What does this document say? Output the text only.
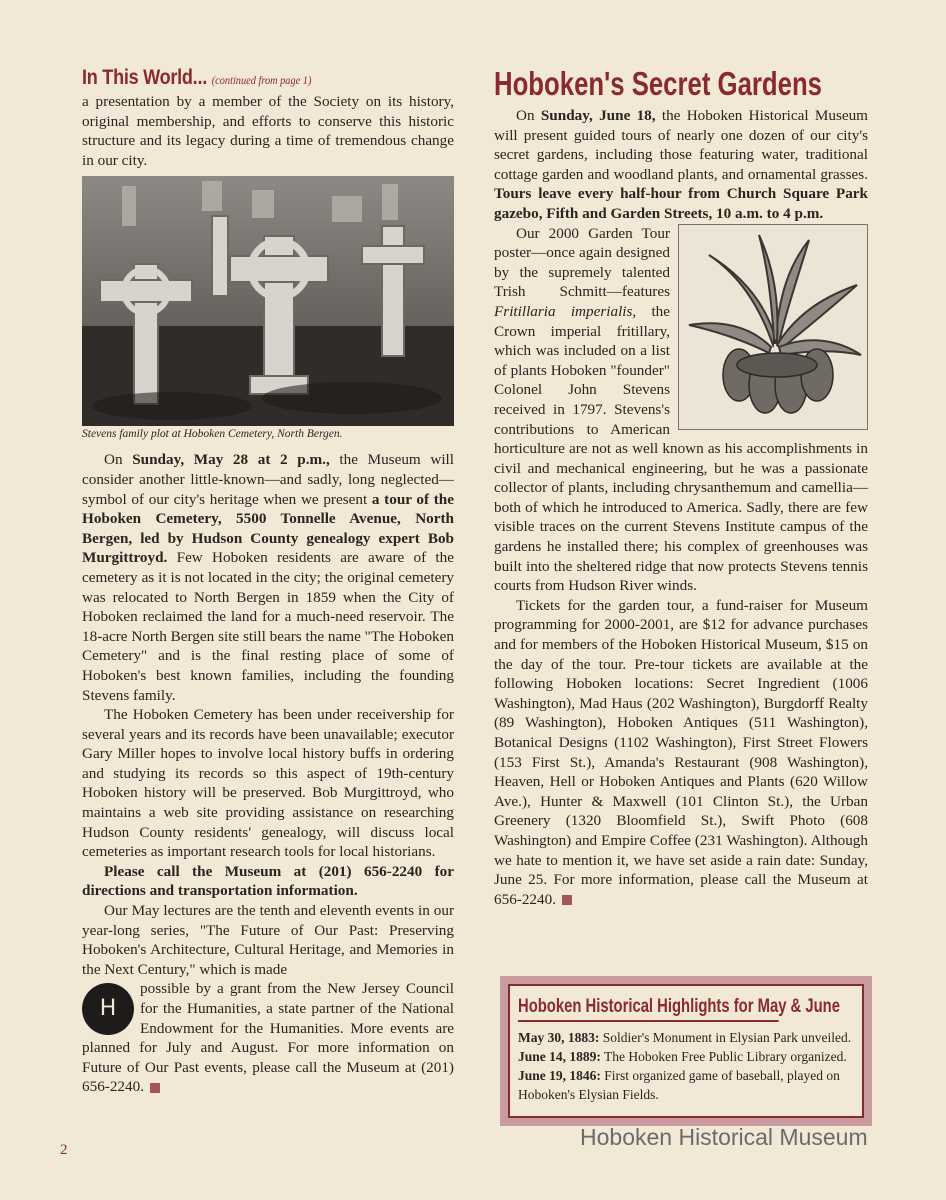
In This World... (continued from page 1)

a presentation by a member of the Society on its history, original membership, and efforts to conserve this historic structure and its legacy during a time of tremendous change in our city.

Stevens family plot at Hoboken Cemetery, North Bergen.

On Sunday, May 28 at 2 p.m., the Museum will consider another little-known—and sadly, long neglected—symbol of our city's heritage when we present a tour of the Hoboken Cemetery, 5500 Tonnelle Avenue, North Bergen, led by Hudson County genealogy expert Bob Murgittroyd. Few Hoboken residents are aware of the cemetery as it is not located in the city; the original cemetery was relocated to North Bergen in 1859 when the City of Hoboken reclaimed the land for a much-need reservoir. The 18-acre North Bergen site still bears the name "The Hoboken Cemetery" and is the final resting place of some of Hoboken's best known families, including the founding Stevens family.

The Hoboken Cemetery has been under receivership for several years and its records have been unavailable; executor Gary Miller hopes to involve local history buffs in ordering and studying its records so this aspect of 19th-century Hoboken history will be preserved. Bob Murgittroyd, who maintains a web site providing assistance on researching Hudson County residents' genealogy, will discuss local cemeteries as important research tools for local historians.

Please call the Museum at (201) 656-2240 for directions and transportation information.

Our May lectures are the tenth and eleventh events in our year-long series, "The Future of Our Past: Preserving Hoboken's Architecture, Cultural Heritage, and Memories in the Next Century," which is made

H

possible by a grant from the New Jersey Council for the Humanities, a state partner of the National Endowment for the Humanities. More events are planned for July and August. For more information on Future of Our Past events, please call the Museum at (201) 656-2240.

Hoboken's Secret Gardens

On Sunday, June 18, the Hoboken Historical Museum will present guided tours of nearly one dozen of our city's secret gardens, including those featuring water, traditional cottage garden and woodland plants, and ornamental grasses. Tours leave every half-hour from Church Square Park gazebo, Fifth and Garden Streets, 10 a.m. to 4 p.m.

Our 2000 Garden Tour poster—once again designed by the supremely talented Trish Schmitt—features Fritillaria imperialis, the Crown imperial fritillary, which was included on a list of plants Hoboken "founder" Colonel John Stevens received in 1797. Stevens's contributions to American horticulture are not as well known as his accomplishments in civil and mechanical engineering, but he was a passionate collector of plants, including chrysanthemum and camellia—both of which he introduced to America. Sadly, there are few visible traces on the current Stevens Institute campus of the gardens he installed there; his complex of greenhouses was built into the sheltered ridge that now protects Stevens tennis courts from Hudson River winds.

Tickets for the garden tour, a fund-raiser for Museum programming for 2000-2001, are $12 for advance purchases and for members of the Hoboken Historical Museum, $15 on the day of the tour. Pre-tour tickets are available at the following Hoboken locations: Secret Ingredient (1006 Washington), Mad Haus (202 Washington), Burgdorff Realty (89 Washington), Hoboken Antiques (511 Washington), Botanical Designs (1102 Washington), First Street Flowers (153 First St.), Amanda's Restaurant (908 Washington), Heaven, Hell or Hoboken Antiques and Plants (620 Willow Ave.), Hunter & Maxwell (101 Clinton St.), the Urban Greenery (1320 Bloomfield St.), Swift Photo (608 Washington) and Empire Coffee (231 Washington). Although we hate to mention it, we have set aside a rain date: Sunday, June 25. For more information, please call the Museum at 656-2240.

Hoboken Historical Highlights for May & June
May 30, 1883: Soldier's Monument in Elysian Park unveiled.
June 14, 1889: The Hoboken Free Public Library organized.
June 19, 1846: First organized game of baseball, played on Hoboken's Elysian Fields.
2	Hoboken Historical Museum
